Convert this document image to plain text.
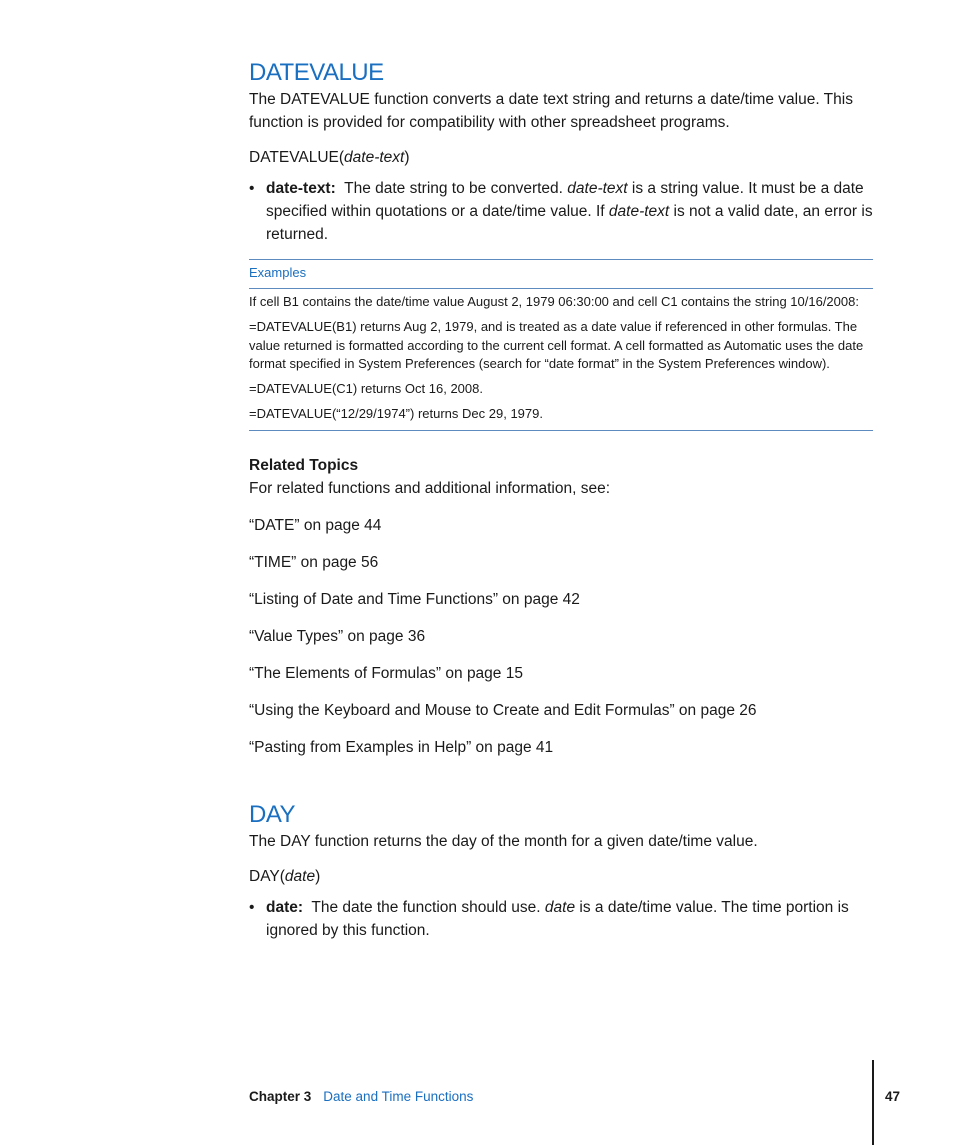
DATEVALUE

The DATEVALUE function converts a date text string and returns a date/time value. This function is provided for compatibility with other spreadsheet programs.

DATEVALUE(date-text)
• date-text: The date string to be converted. date-text is a string value. It must be a date specified within quotations or a date/time value. If date-text is not a valid date, an error is returned.
Examples

If cell B1 contains the date/time value August 2, 1979 06:30:00 and cell C1 contains the string 10/16/2008:

=DATEVALUE(B1) returns Aug 2, 1979, and is treated as a date value if referenced in other formulas. The value returned is formatted according to the current cell format. A cell formatted as Automatic uses the date format specified in System Preferences (search for “date format” in the System Preferences window).

=DATEVALUE(C1) returns Oct 16, 2008.

=DATEVALUE(“12/29/1974”) returns Dec 29, 1979.

Related Topics
For related functions and additional information, see:
“DATE” on page 44
“TIME” on page 56
“Listing of Date and Time Functions” on page 42
“Value Types” on page 36
“The Elements of Formulas” on page 15
“Using the Keyboard and Mouse to Create and Edit Formulas” on page 26
“Pasting from Examples in Help” on page 41
DAY

The DAY function returns the day of the month for a given date/time value.

DAY(date)
• date: The date the function should use. date is a date/time value. The time portion is ignored by this function.
Chapter 3 Date and Time Functions	47
